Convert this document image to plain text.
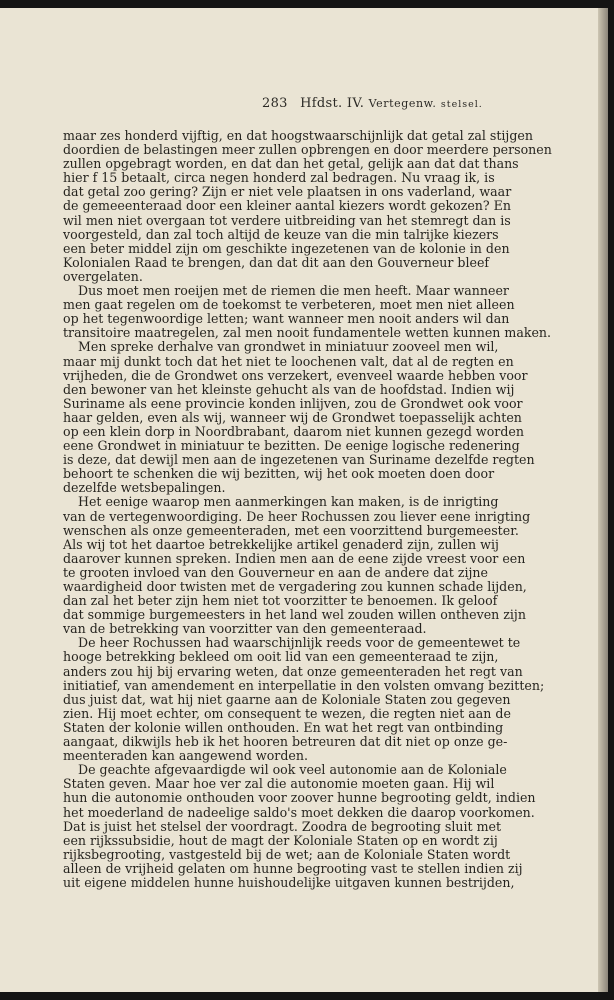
283 Hfdst. IV. Vertegenw. stelsel.
maar zes honderd vijftig, en dat hoogstwaarschijnlijk dat getal zal stijgen
doordien de belastingen meer zullen opbrengen en door meerdere personen
zullen opgebragt worden, en dat dan het getal, gelijk aan dat dat thans
hier f 15 betaalt, circa negen honderd zal bedragen. Nu vraag ik, is
dat getal zoo gering? Zijn er niet vele plaatsen in ons vaderland, waar
de gemeeenteraad door een kleiner aantal kiezers wordt gekozen? En
wil men niet overgaan tot verdere uitbreiding van het stemregt dan is
voorgesteld, dan zal toch altijd de keuze van die min talrijke kiezers
een beter middel zijn om geschikte ingezetenen van de kolonie in den
Kolonialen Raad te brengen, dan dat dit aan den Gouverneur bleef
overgelaten.
Dus moet men roeijen met de riemen die men heeft. Maar wanneer
men gaat regelen om de toekomst te verbeteren, moet men niet alleen
op het tegenwoordige letten; want wanneer men nooit anders wil dan
transitoire maatregelen, zal men nooit fundamentele wetten kunnen maken.
Men spreke derhalve van grondwet in miniatuur zooveel men wil,
maar mij dunkt toch dat het niet te loochenen valt, dat al de regten en
vrijheden, die de Grondwet ons verzekert, evenveel waarde hebben voor
den bewoner van het kleinste gehucht als van de hoofdstad. Indien wij
Suriname als eene provincie konden inlijven, zou de Grondwet ook voor
haar gelden, even als wij, wanneer wij de Grondwet toepasselijk achten
op een klein dorp in Noordbrabant, daarom niet kunnen gezegd worden
eene Grondwet in miniatuur te bezitten. De eenige logische redenering
is deze, dat dewijl men aan de ingezetenen van Suriname dezelfde regten
behoort te schenken die wij bezitten, wij het ook moeten doen door
dezelfde wetsbepalingen.
Het eenige waarop men aanmerkingen kan maken, is de inrigting
van de vertegenwoordiging. De heer Rochussen zou liever eene inrigting
wenschen als onze gemeenteraden, met een voorzittend burgemeester.
Als wij tot het daartoe betrekkelijke artikel genaderd zijn, zullen wij
daarover kunnen spreken. Indien men aan de eene zijde vreest voor een
te grooten invloed van den Gouverneur en aan de andere dat zijne
waardigheid door twisten met de vergadering zou kunnen schade lijden,
dan zal het beter zijn hem niet tot voorzitter te benoemen. Ik geloof
dat sommige burgemeesters in het land wel zouden willen ontheven zijn
van de betrekking van voorzitter van den gemeenteraad.
De heer Rochussen had waarschijnlijk reeds voor de gemeentewet te
hooge betrekking bekleed om ooit lid van een gemeenteraad te zijn,
anders zou hij bij ervaring weten, dat onze gemeenteraden het regt van
initiatief, van amendement en interpellatie in den volsten omvang bezitten;
dus juist dat, wat hij niet gaarne aan de Koloniale Staten zou gegeven
zien. Hij moet echter, om consequent te wezen, die regten niet aan de
Staten der kolonie willen onthouden. En wat het regt van ontbinding
aangaat, dikwijls heb ik het hooren betreuren dat dit niet op onze ge-
meenteraden kan aangewend worden.
De geachte afgevaardigde wil ook veel autonomie aan de Koloniale
Staten geven. Maar hoe ver zal die autonomie moeten gaan. Hij wil
hun die autonomie onthouden voor zoover hunne begrooting geldt, indien
het moederland de nadeelige saldo's moet dekken die daarop voorkomen.
Dat is juist het stelsel der voordragt. Zoodra de begrooting sluit met
een rijkssubsidie, hout de magt der Koloniale Staten op en wordt zij
rijksbegrooting, vastgesteld bij de wet; aan de Koloniale Staten wordt
alleen de vrijheid gelaten om hunne begrooting vast te stellen indien zij
uit eigene middelen hunne huishoudelijke uitgaven kunnen bestrijden,
